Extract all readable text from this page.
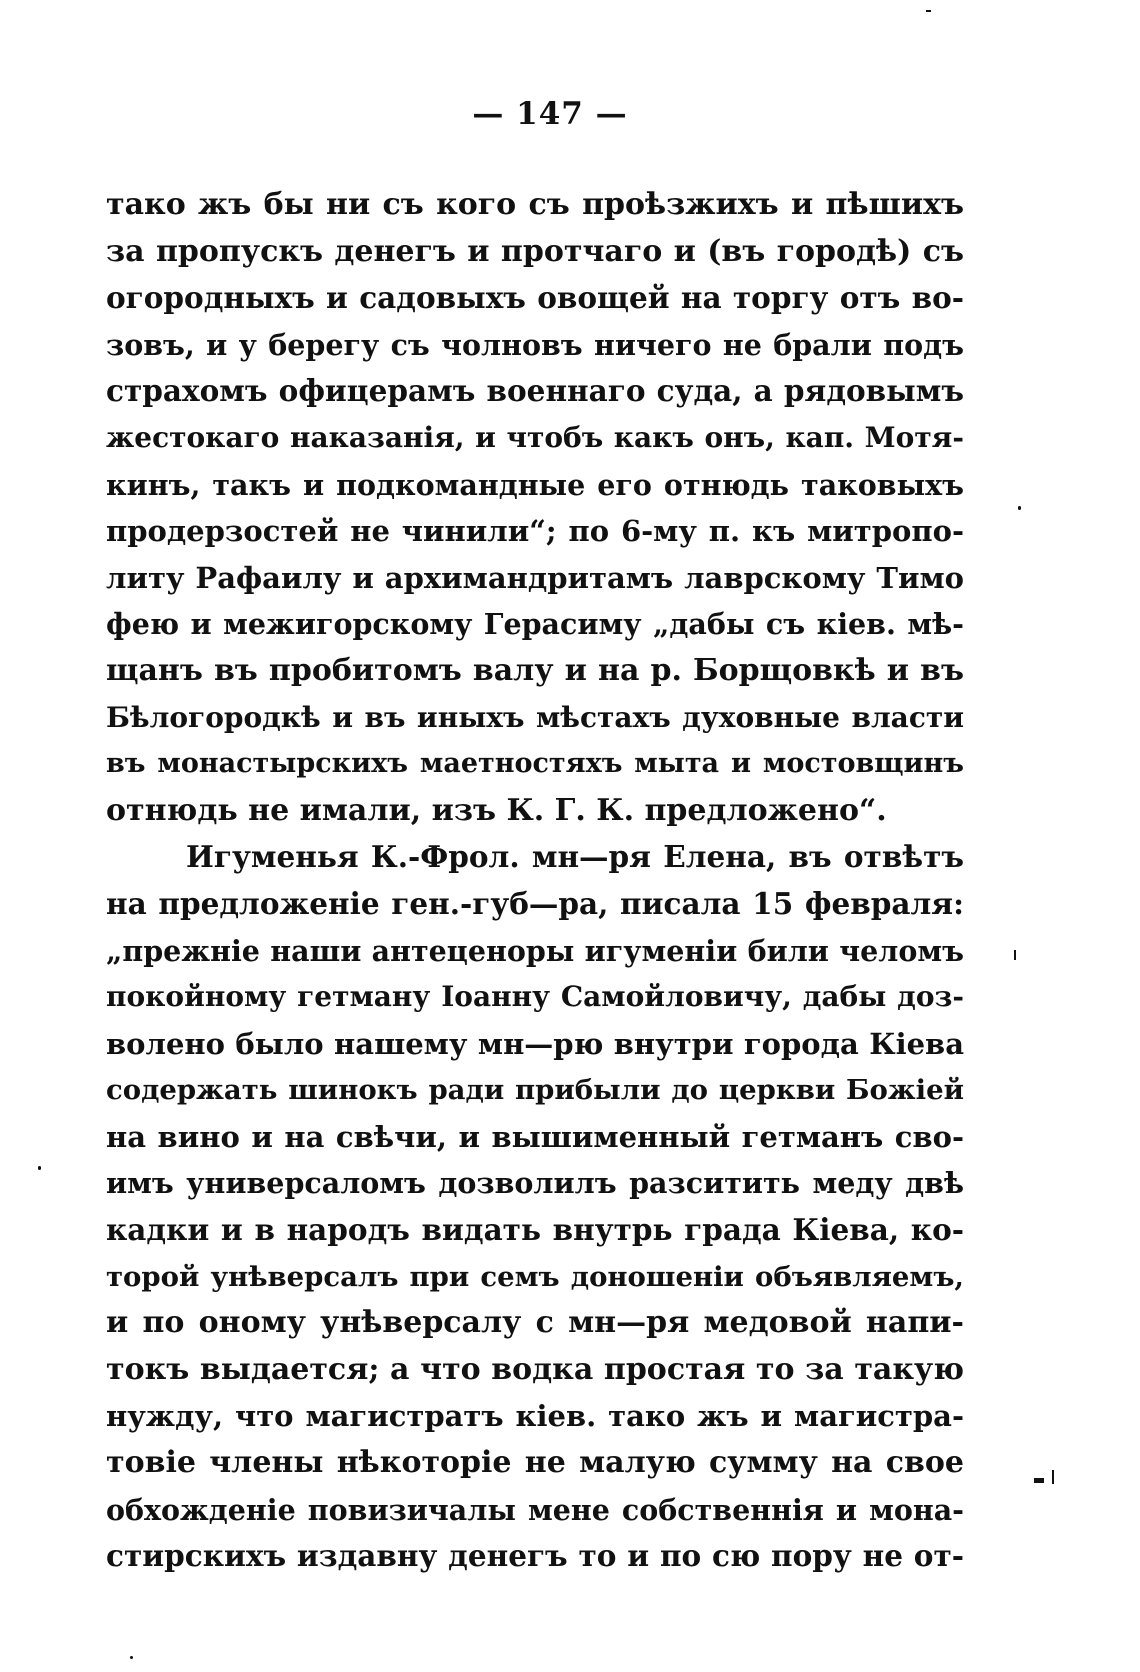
— 147 —
тако жъ бы ни съ кого съ проѣзжихъ и пѣшихъ
за пропускъ денегъ и протчаго и (въ городѣ) съ
огородныхъ и садовыхъ овощей на торгу отъ во-
зовъ, и у берегу съ чолновъ ничего не брали подъ
страхомъ офицерамъ военнаго суда, а рядовымъ
жестокаго наказанія, и чтобъ какъ онъ, кап. Мотя-
кинъ, такъ и подкомандные его отнюдь таковыхъ
продерзостей не чинили“; по 6-му п. къ митропо-
литу Рафаилу и архимандритамъ лаврскому Тимо
фею и межигорскому Герасиму „дабы съ кіев. мѣ-
щанъ въ пробитомъ валу и на р. Борщовкѣ и въ
Бѣлогородкѣ и въ иныхъ мѣстахъ духовные власти
въ монастырскихъ маетностяхъ мыта и мостовщинъ
отнюдь не имали, изъ К. Г. К. предложено“.
Игуменья К.-Фрол. мн—ря Елена, въ отвѣтъ
на предложеніе ген.-губ—ра, писала 15 февраля:
„прежніе наши антеценоры игуменіи били челомъ
покойному гетману Іоанну Самойловичу, дабы доз-
волено было нашему мн—рю внутри города Кіева
содержать шинокъ ради прибыли до церкви Божіей
на вино и на свѣчи, и вышименный гетманъ сво-
имъ универсаломъ дозволилъ разситить меду двѣ
кадки и в народъ видать внутрь града Кіева, ко-
торой унѣверсалъ при семъ доношеніи объявляемъ,
и по оному унѣверсалу с мн—ря медовой напи-
токъ выдается; а что водка простая то за такую
нужду, что магистратъ кіев. тако жъ и магистра-
товіе члены нѣкоторіе не малую сумму на свое
обхожденіе повизичалы мене собственнія и мона-
стирскихъ издавну денегъ то и по сю пору не от-
